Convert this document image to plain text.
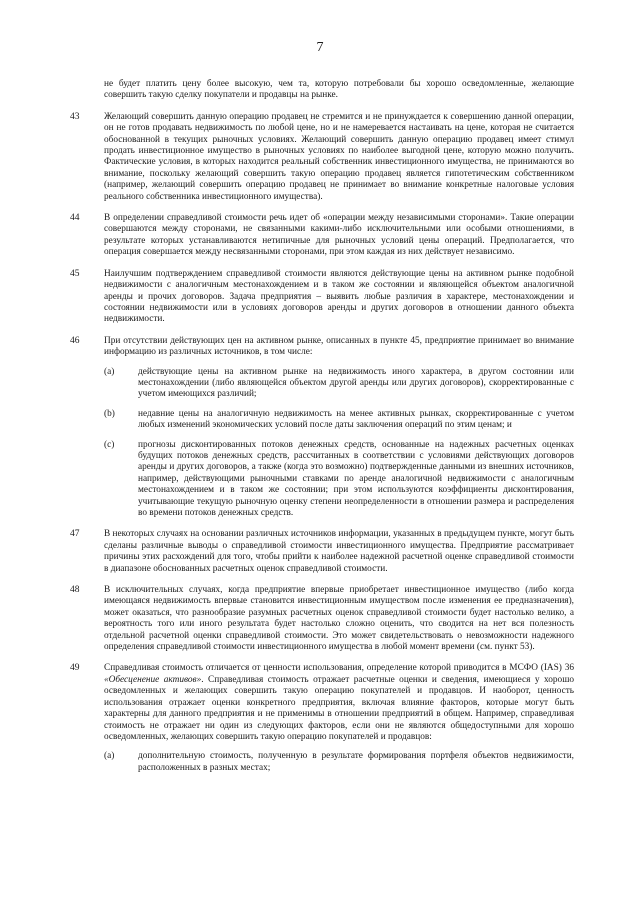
7
не будет платить цену более высокую, чем та, которую потребовали бы хорошо осведомленные, желающие совершить такую сделку покупатели и продавцы на рынке.
43	Желающий совершить данную операцию продавец не стремится и не принуждается к совершению данной операции, он не готов продавать недвижимость по любой цене, но и не намеревается настаивать на цене, которая не считается обоснованной в текущих рыночных условиях. Желающий совершить данную операцию продавец имеет стимул продать инвестиционное имущество в рыночных условиях по наиболее выгодной цене, которую можно получить. Фактические условия, в которых находится реальный собственник инвестиционного имущества, не принимаются во внимание, поскольку желающий совершить такую операцию продавец является гипотетическим собственником (например, желающий совершить операцию продавец не принимает во внимание конкретные налоговые условия реального собственника инвестиционного имущества).
44	В определении справедливой стоимости речь идет об «операции между независимыми сторонами». Такие операции совершаются между сторонами, не связанными какими-либо исключительными или особыми отношениями, в результате которых устанавливаются нетипичные для рыночных условий цены операций. Предполагается, что операция совершается между несвязанными сторонами, при этом каждая из них действует независимо.
45	Наилучшим подтверждением справедливой стоимости являются действующие цены на активном рынке подобной недвижимости с аналогичным местонахождением и в таком же состоянии и являющейся объектом аналогичной аренды и прочих договоров. Задача предприятия – выявить любые различия в характере, местонахождении и состоянии недвижимости или в условиях договоров аренды и других договоров в отношении данного объекта недвижимости.
46	При отсутствии действующих цен на активном рынке, описанных в пункте 45, предприятие принимает во внимание информацию из различных источников, в том числе:
(a)	действующие цены на активном рынке на недвижимость иного характера, в другом состоянии или местонахождении (либо являющейся объектом другой аренды или других договоров), скорректированные с учетом имеющихся различий;
(b)	недавние цены на аналогичную недвижимость на менее активных рынках, скорректированные с учетом любых изменений экономических условий после даты заключения операций по этим ценам; и
(c)	прогнозы дисконтированных потоков денежных средств, основанные на надежных расчетных оценках будущих потоков денежных средств, рассчитанных в соответствии с условиями действующих договоров аренды и других договоров, а также (когда это возможно) подтвержденные данными из внешних источников, например, действующими рыночными ставками по аренде аналогичной недвижимости с аналогичным местонахождением и в таком же состоянии; при этом используются коэффициенты дисконтирования, учитывающие текущую рыночную оценку степени неопределенности в отношении размера и распределения во времени потоков денежных средств.
47	В некоторых случаях на основании различных источников информации, указанных в предыдущем пункте, могут быть сделаны различные выводы о справедливой стоимости инвестиционного имущества. Предприятие рассматривает причины этих расхождений для того, чтобы прийти к наиболее надежной расчетной оценке справедливой стоимости в диапазоне обоснованных расчетных оценок справедливой стоимости.
48	В исключительных случаях, когда предприятие впервые приобретает инвестиционное имущество (либо когда имеющаяся недвижимость впервые становится инвестиционным имуществом после изменения ее предназначения), может оказаться, что разнообразие разумных расчетных оценок справедливой стоимости будет настолько велико, а вероятность того или иного результата будет настолько сложно оценить, что сводится на нет вся полезность отдельной расчетной оценки справедливой стоимости. Это может свидетельствовать о невозможности надежного определения справедливой стоимости инвестиционного имущества в любой момент времени (см. пункт 53).
49	Справедливая стоимость отличается от ценности использования, определение которой приводится в МСФО (IAS) 36 «Обесценение активов». Справедливая стоимость отражает расчетные оценки и сведения, имеющиеся у хорошо осведомленных и желающих совершить такую операцию покупателей и продавцов. И наоборот, ценность использования отражает оценки конкретного предприятия, включая влияние факторов, которые могут быть характерны для данного предприятия и не применимы в отношении предприятий в общем. Например, справедливая стоимость не отражает ни один из следующих факторов, если они не являются общедоступными для хорошо осведомленных, желающих совершить такую операцию покупателей и продавцов:
(a)	дополнительную стоимость, полученную в результате формирования портфеля объектов недвижимости, расположенных в разных местах;
